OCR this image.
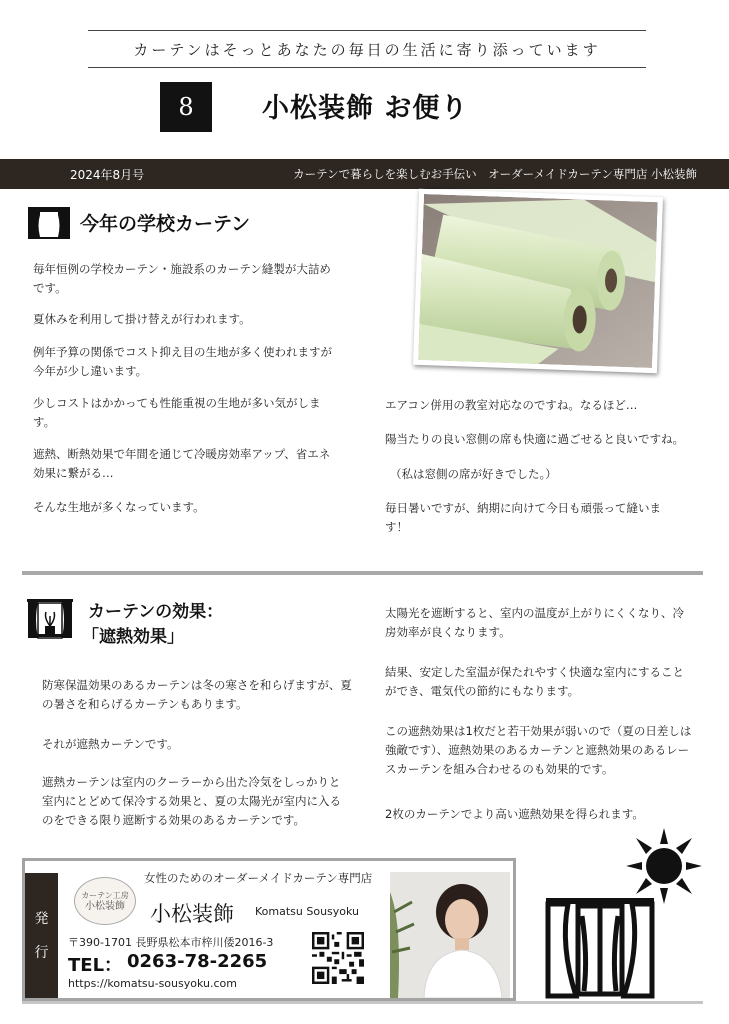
カーテンはそっとあなたの毎日の生活に寄り添っています
8	小松装飾 お便り
2024年8月号	カーテンで暮らしを楽しむお手伝い　オーダーメイドカーテン専門店 小松装飾
今年の学校カーテン

毎年恒例の学校カーテン・施設系のカーテン縫製が大詰めです。

夏休みを利用して掛け替えが行われます。

例年予算の関係でコスト抑え目の生地が多く使われますが今年が少し違います。

少しコストはかかっても性能重視の生地が多い気がします。

遮熱、断熱効果で年間を通じて冷暖房効率アップ、省エネ効果に繋がる…

そんな生地が多くなっています。

エアコン併用の教室対応なのですね。なるほど…

陽当たりの良い窓側の席も快適に過ごせると良いですね。

（私は窓側の席が好きでした。）

毎日暑いですが、納期に向けて今日も頑張って縫います！

カーテンの効果：
「遮熱効果」

防寒保温効果のあるカーテンは冬の寒さを和らげますが、夏の暑さを和らげるカーテンもあります。

それが遮熱カーテンです。

遮熱カーテンは室内のクーラーから出た冷気をしっかりと室内にとどめて保冷する効果と、夏の太陽光が室内に入るのをできる限り遮断する効果のあるカーテンです。

太陽光を遮断すると、室内の温度が上がりにくくなり、冷房効率が良くなります。

結果、安定した室温が保たれやすく快適な室内にすることができ、電気代の節約にもなります。

この遮熱効果は1枚だと若干効果が弱いので（夏の日差しは強敵です）、遮熱効果のあるカーテンと遮熱効果のあるレースカーテンを組み合わせるのも効果的です。

2枚のカーテンでより高い遮熱効果を得られます。

発
行
カーテン工房
小松装飾
女性のためのオーダーメイドカーテン専門店
小松装飾 Komatsu Sousyoku
〒390-1701 長野県松本市梓川倭2016-3
TEL： 0263-78-2265
https://komatsu-sousyoku.com
